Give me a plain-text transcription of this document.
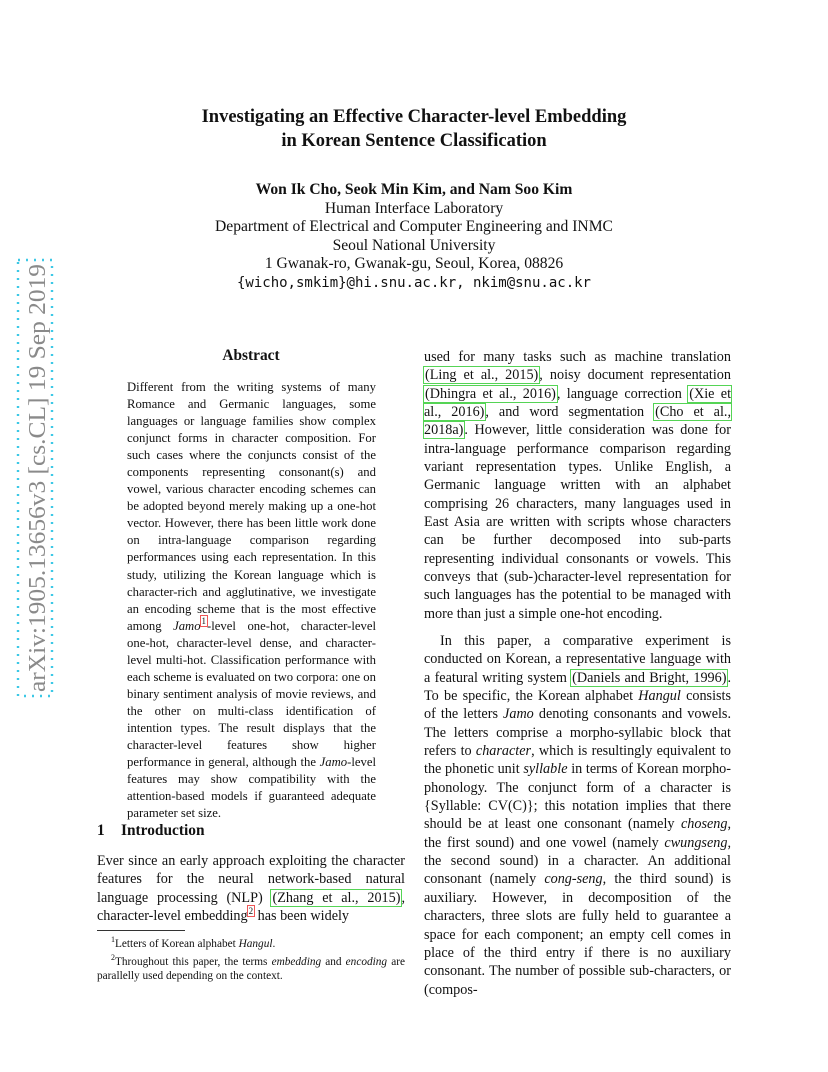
arXiv:1905.13656v3 [cs.CL] 19 Sep 2019
Investigating an Effective Character-level Embedding
in Korean Sentence Classification
Won Ik Cho, Seok Min Kim, and Nam Soo Kim
Human Interface Laboratory
Department of Electrical and Computer Engineering and INMC
Seoul National University
1 Gwanak-ro, Gwanak-gu, Seoul, Korea, 08826
{wicho,smkim}@hi.snu.ac.kr, nkim@snu.ac.kr
Abstract

Different from the writing systems of many Romance and Germanic languages, some languages or language families show complex conjunct forms in character composition. For such cases where the conjuncts consist of the components representing consonant(s) and vowel, various character encoding schemes can be adopted beyond merely making up a one-hot vector. However, there has been little work done on intra-language comparison regarding performances using each representation. In this study, utilizing the Korean language which is character-rich and agglutinative, we investigate an encoding scheme that is the most effective among Jamo$^1$-level one-hot, character-level one-hot, character-level dense, and character-level multi-hot. Classification performance with each scheme is evaluated on two corpora: one on binary sentiment analysis of movie reviews, and the other on multi-class identification of intention types. The result displays that the character-level features show higher performance in general, although the Jamo-level features may show compatibility with the attention-based models if guaranteed adequate parameter set size.

1 Introduction

Ever since an early approach exploiting the character features for the neural network-based natural language processing (NLP) (Zhang et al., 2015), character-level embedding$^2$ has been widely

$^1$Letters of Korean alphabet Hangul.

$^2$Throughout this paper, the terms embedding and encoding are parallelly used depending on the context.

used for many tasks such as machine translation (Ling et al., 2015), noisy document representation (Dhingra et al., 2016), language correction (Xie et al., 2016), and word segmentation (Cho et al., 2018a). However, little consideration was done for intra-language performance comparison regarding variant representation types. Unlike English, a Germanic language written with an alphabet comprising 26 characters, many languages used in East Asia are written with scripts whose characters can be further decomposed into sub-parts representing individual consonants or vowels. This conveys that (sub-)character-level representation for such languages has the potential to be managed with more than just a simple one-hot encoding.

In this paper, a comparative experiment is conducted on Korean, a representative language with a featural writing system (Daniels and Bright, 1996). To be specific, the Korean alphabet Hangul consists of the letters Jamo denoting consonants and vowels. The letters comprise a morpho-syllabic block that refers to character, which is resultingly equivalent to the phonetic unit syllable in terms of Korean morpho-phonology. The conjunct form of a character is {Syllable: CV(C)}; this notation implies that there should be at least one consonant (namely choseng, the first sound) and one vowel (namely cwungseng, the second sound) in a character. An additional consonant (namely cong-seng, the third sound) is auxiliary. However, in decomposition of the characters, three slots are fully held to guarantee a space for each component; an empty cell comes in place of the third entry if there is no auxiliary consonant. The number of possible sub-characters, or (compos-
